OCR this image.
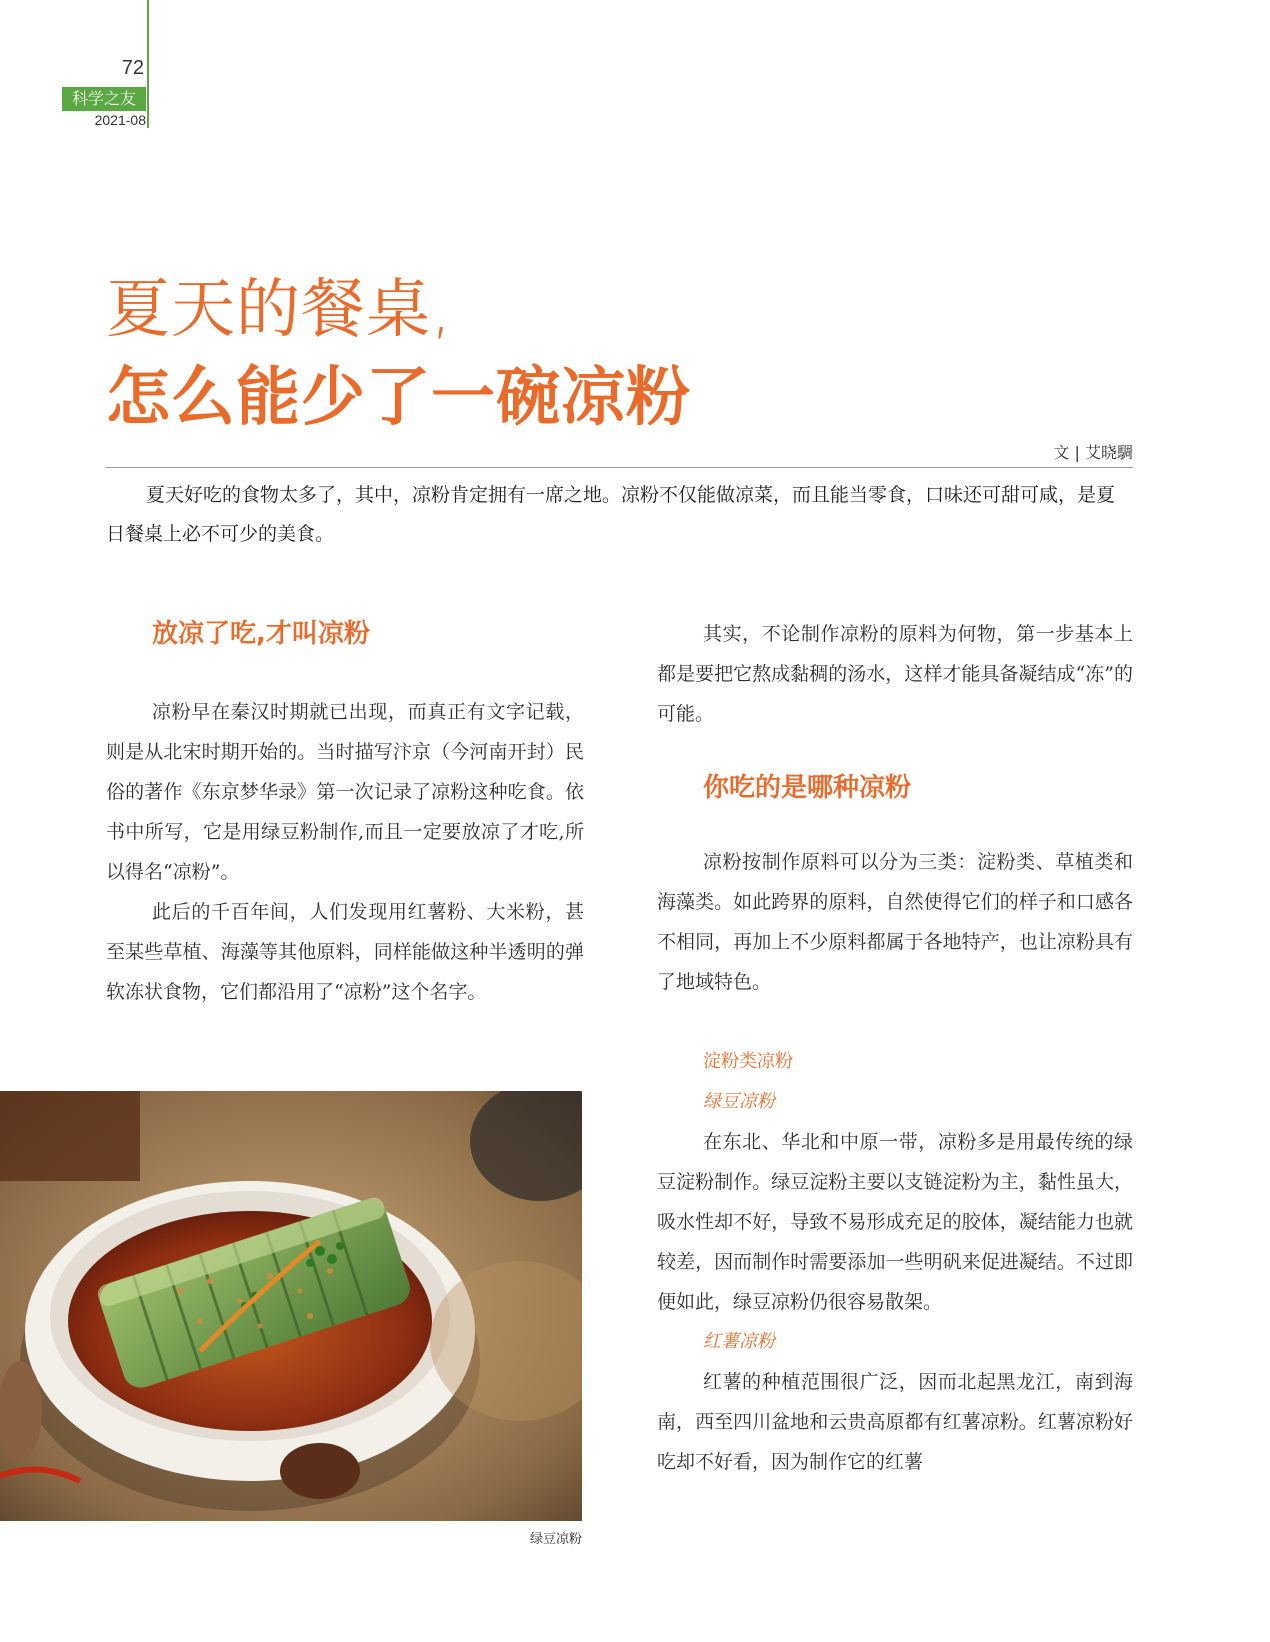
72
科学之友
2021-08
夏天的餐桌,
怎么能少了一碗凉粉
文 | 艾晓騆

夏天好吃的食物太多了，其中，凉粉肯定拥有一席之地。凉粉不仅能做凉菜，而且能当零食，口味还可甜可咸，是夏日餐桌上必不可少的美食。

放凉了吃,才叫凉粉

凉粉早在秦汉时期就已出现，而真正有文字记载，则是从北宋时期开始的。当时描写汴京（今河南开封）民俗的著作《东京梦华录》第一次记录了凉粉这种吃食。依书中所写，它是用绿豆粉制作,而且一定要放凉了才吃,所以得名“凉粉”。

此后的千百年间，人们发现用红薯粉、大米粉，甚至某些草植、海藻等其他原料，同样能做这种半透明的弹软冻状食物，它们都沿用了“凉粉”这个名字。

绿豆凉粉

其实，不论制作凉粉的原料为何物，第一步基本上都是要把它熬成黏稠的汤水，这样才能具备凝结成“冻”的可能。

你吃的是哪种凉粉

凉粉按制作原料可以分为三类：淀粉类、草植类和海藻类。如此跨界的原料，自然使得它们的样子和口感各不相同，再加上不少原料都属于各地特产，也让凉粉具有了地域特色。

淀粉类凉粉

绿豆凉粉

在东北、华北和中原一带，凉粉多是用最传统的绿豆淀粉制作。绿豆淀粉主要以支链淀粉为主，黏性虽大，吸水性却不好，导致不易形成充足的胶体，凝结能力也就较差，因而制作时需要添加一些明矾来促进凝结。不过即便如此，绿豆凉粉仍很容易散架。

红薯凉粉

红薯的种植范围很广泛，因而北起黑龙江，南到海南，西至四川盆地和云贵高原都有红薯凉粉。红薯凉粉好吃却不好看，因为制作它的红薯
